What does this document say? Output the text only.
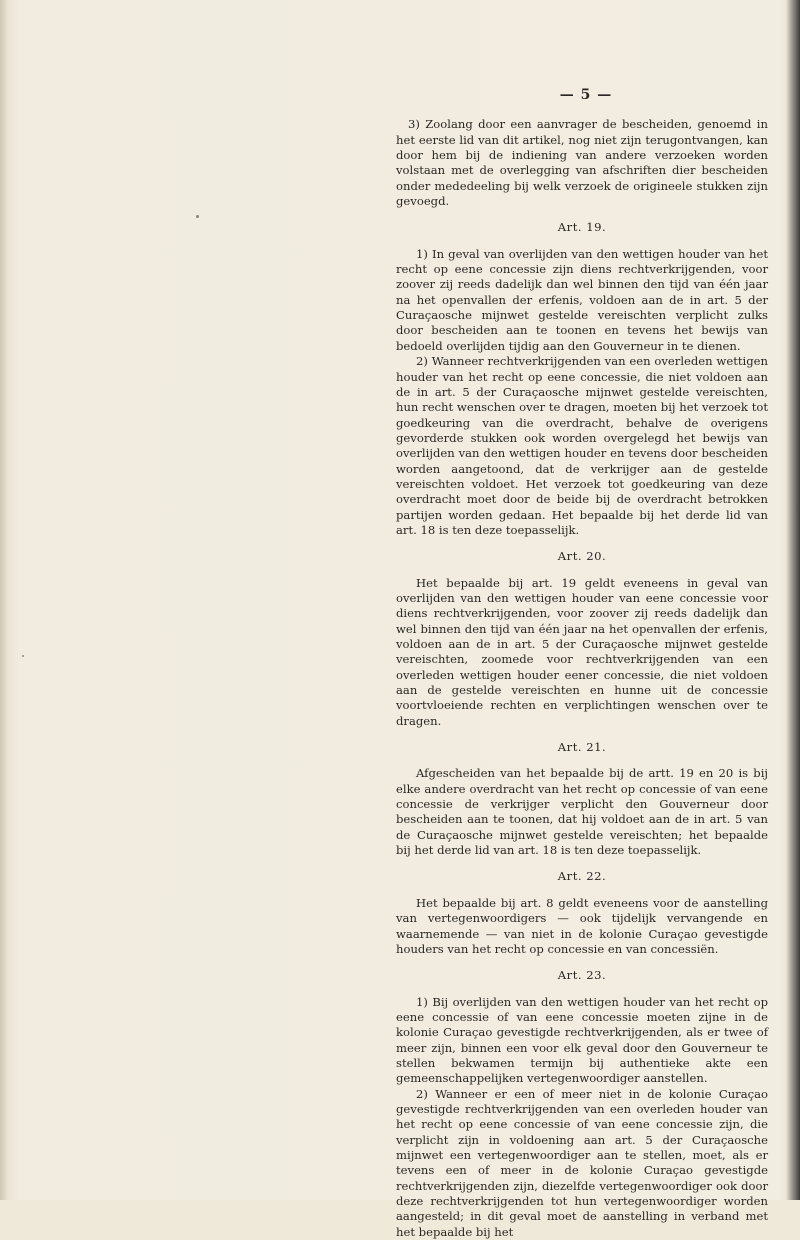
— 5 —

3) Zoolang door een aanvrager de bescheiden, genoemd in het eerste lid van dit artikel, nog niet zijn terugontvangen, kan door hem bij de indiening van andere verzoeken worden volstaan met de overlegging van afschriften dier bescheiden onder mededeeling bij welk verzoek de origineele stukken zijn gevoegd.

Art. 19.

1) In geval van overlijden van den wettigen houder van het recht op eene concessie zijn diens rechtverkrijgenden, voor zoover zij reeds dadelijk dan wel binnen den tijd van één jaar na het openvallen der erfenis, voldoen aan de in art. 5 der Curaçaosche mijnwet gestelde vereischten verplicht zulks door bescheiden aan te toonen en tevens het bewijs van bedoeld overlijden tijdig aan den Gouverneur in te dienen.

2) Wanneer rechtverkrijgenden van een overleden wettigen houder van het recht op eene concessie, die niet voldoen aan de in art. 5 der Curaçaosche mijnwet gestelde vereischten, hun recht wenschen over te dragen, moeten bij het verzoek tot goedkeuring van die overdracht, behalve de overigens gevorderde stukken ook worden overgelegd het bewijs van overlijden van den wettigen houder en tevens door bescheiden worden aangetoond, dat de verkrijger aan de gestelde vereischten voldoet. Het verzoek tot goedkeuring van deze overdracht moet door de beide bij de overdracht betrokken partijen worden gedaan. Het bepaalde bij het derde lid van art. 18 is ten deze toepasselijk.

Art. 20.

Het bepaalde bij art. 19 geldt eveneens in geval van overlijden van den wettigen houder van eene concessie voor diens rechtverkrijgenden, voor zoover zij reeds dadelijk dan wel binnen den tijd van één jaar na het openvallen der erfenis, voldoen aan de in art. 5 der Curaçaosche mijnwet gestelde vereischten, zoomede voor rechtverkrijgenden van een overleden wettigen houder eener concessie, die niet voldoen aan de gestelde vereischten en hunne uit de concessie voortvloeiende rechten en verplichtingen wenschen over te dragen.

Art. 21.

Afgescheiden van het bepaalde bij de artt. 19 en 20 is bij elke andere overdracht van het recht op concessie of van eene concessie de verkrijger verplicht den Gouverneur door bescheiden aan te toonen, dat hij voldoet aan de in art. 5 van de Curaçaosche mijnwet gestelde vereischten; het bepaalde bij het derde lid van art. 18 is ten deze toepasselijk.

Art. 22.

Het bepaalde bij art. 8 geldt eveneens voor de aanstelling van vertegenwoordigers — ook tijdelijk vervangende en waarnemende — van niet in de kolonie Curaçao gevestigde houders van het recht op concessie en van concessiën.

Art. 23.

1) Bij overlijden van den wettigen houder van het recht op eene concessie of van eene concessie moeten zijne in de kolonie Curaçao gevestigde rechtverkrijgenden, als er twee of meer zijn, binnen een voor elk geval door den Gouverneur te stellen bekwamen termijn bij authentieke akte een gemeenschappelijken vertegenwoordiger aanstellen.

2) Wanneer er een of meer niet in de kolonie Curaçao gevestigde rechtverkrijgenden van een overleden houder van het recht op eene concessie of van eene concessie zijn, die verplicht zijn in voldoening aan art. 5 der Curaçaosche mijnwet een vertegenwoordiger aan te stellen, moet, als er tevens een of meer in de kolonie Curaçao gevestigde rechtverkrijgenden zijn, diezelfde vertegenwoordiger ook door deze rechtverkrijgenden tot hun vertegenwoordiger worden aangesteld; in dit geval moet de aanstelling in verband met het bepaalde bij het
